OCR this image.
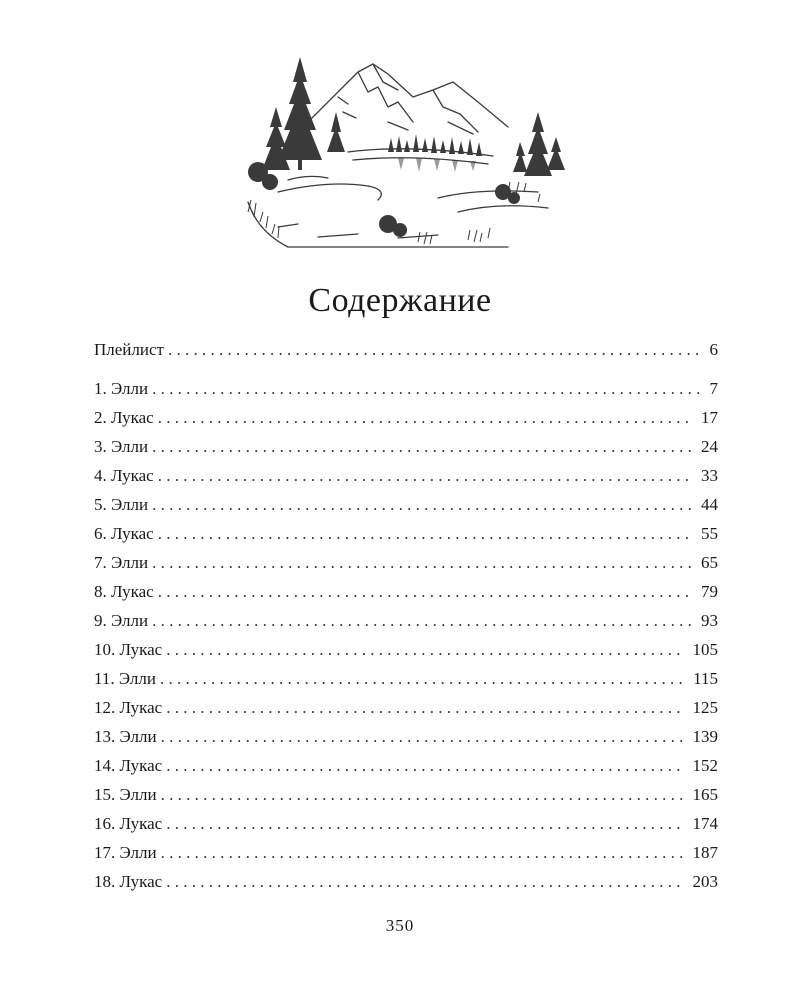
Содержание
Плейлист . . .	6
1. Элли . . .	7
2. Лукас . . .	17
3. Элли . . .	24
4. Лукас . . .	33
5. Элли . . .	44
6. Лукас . . .	55
7. Элли . . .	65
8. Лукас . . .	79
9. Элли . . .	93
10. Лукас . . .	105
11. Элли . . .	115
12. Лукас . . .	125
13. Элли . . .	139
14. Лукас . . .	152
15. Элли . . .	165
16. Лукас . . .	174
17. Элли . . .	187
18. Лукас . . .	203
350
